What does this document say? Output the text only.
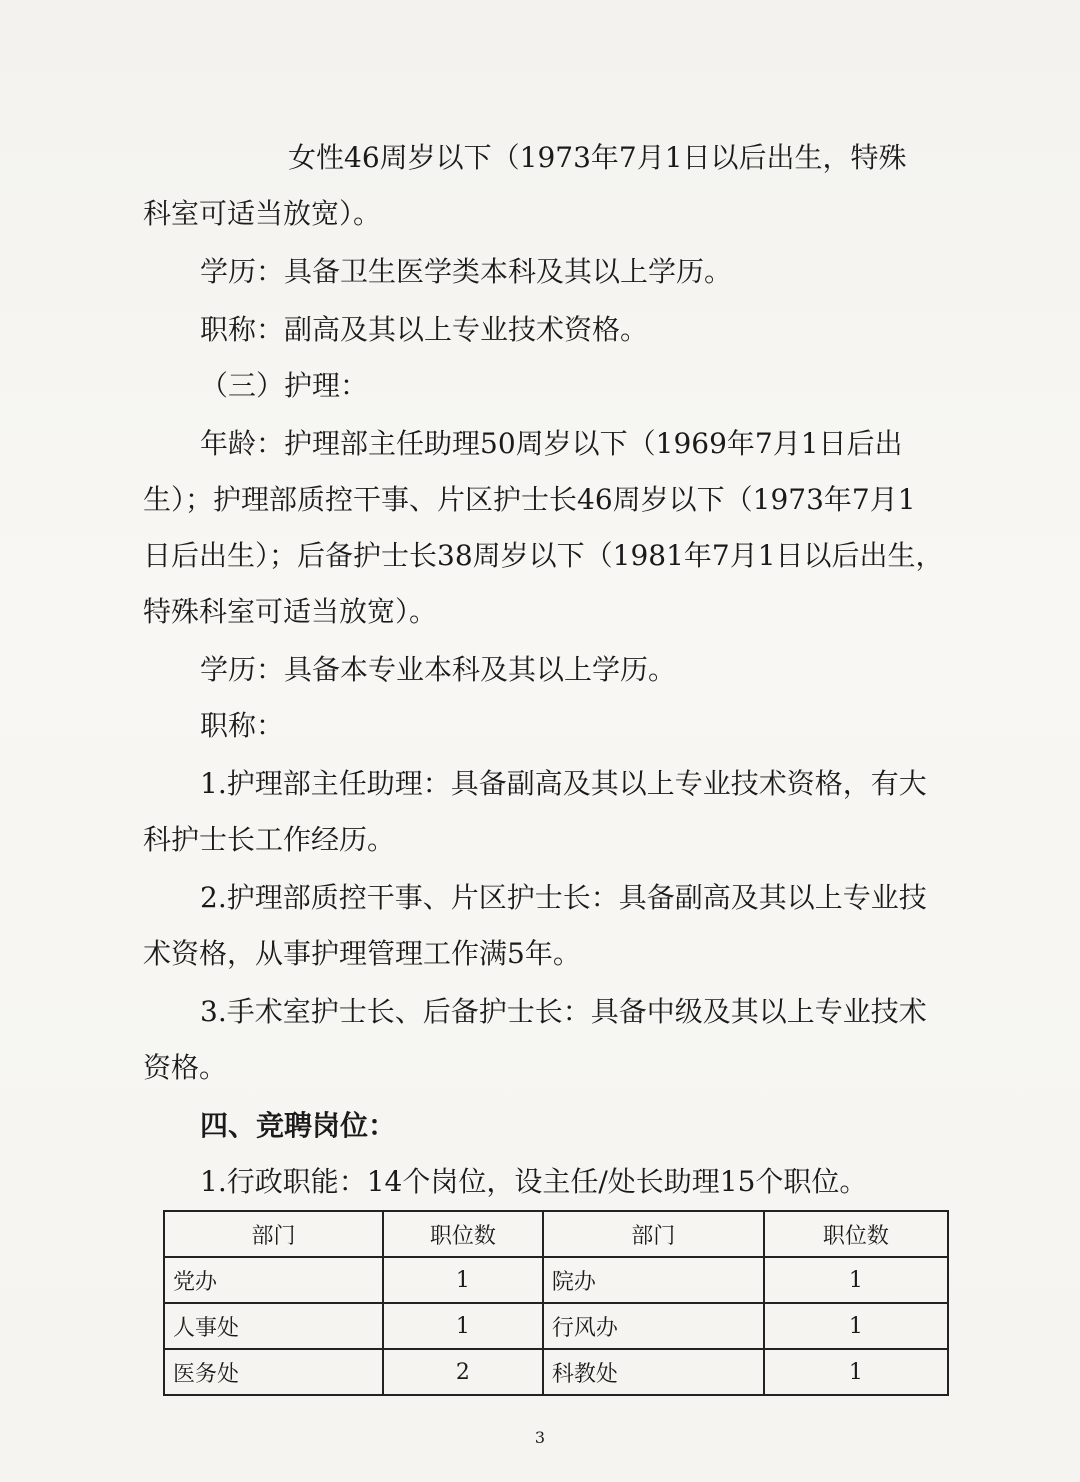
女性46周岁以下（1973年7月1日以后出生，特殊
科室可适当放宽）。
学历：具备卫生医学类本科及其以上学历。
职称：副高及其以上专业技术资格。
（三）护理：
年龄：护理部主任助理50周岁以下（1969年7月1日后出
生）；护理部质控干事、片区护士长46周岁以下（1973年7月1
日后出生）；后备护士长38周岁以下（1981年7月1日以后出生，
特殊科室可适当放宽）。
学历：具备本专业本科及其以上学历。
职称：
1.护理部主任助理：具备副高及其以上专业技术资格，有大
科护士长工作经历。
2.护理部质控干事、片区护士长：具备副高及其以上专业技
术资格，从事护理管理工作满5年。
3.手术室护士长、后备护士长：具备中级及其以上专业技术
资格。
四、竞聘岗位：
1.行政职能：14个岗位，设主任/处长助理15个职位。
部门	职位数	部门	职位数
党办	1	院办	1
人事处	1	行风办	1
医务处	2	科教处	1
3
